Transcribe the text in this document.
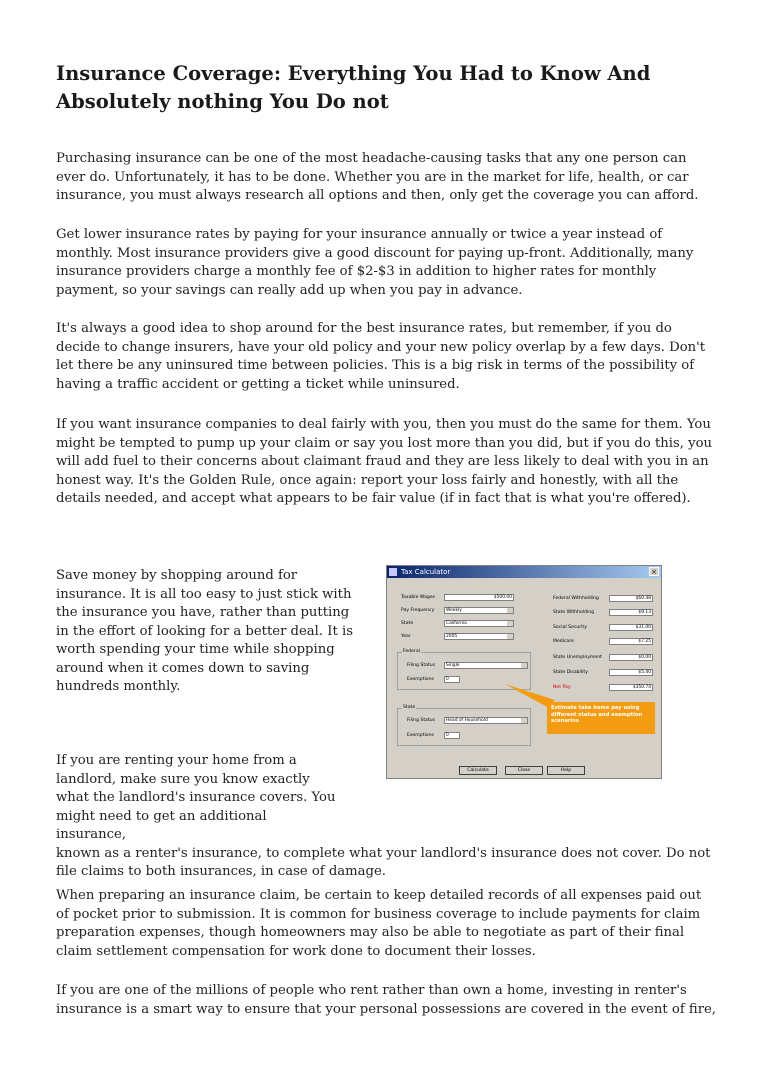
Insurance Coverage: Everything You Had to Know And
Absolutely nothing You Do not

Purchasing insurance can be one of the most headache-causing tasks that any one person can ever do. Unfortunately, it has to be done. Whether you are in the market for life, health, or car insurance, you must always research all options and then, only get the coverage you can afford.

Get lower insurance rates by paying for your insurance annually or twice a year instead of monthly. Most insurance providers give a good discount for paying up-front. Additionally, many insurance providers charge a monthly fee of $2-$3 in addition to higher rates for monthly payment, so your savings can really add up when you pay in advance.

It's always a good idea to shop around for the best insurance rates, but remember, if you do decide to change insurers, have your old policy and your new policy overlap by a few days. Don't let there be any uninsured time between policies. This is a big risk in terms of the possibility of having a traffic accident or getting a ticket while uninsured.

If you want insurance companies to deal fairly with you, then you must do the same for them. You might be tempted to pump up your claim or say you lost more than you did, but if you do this, you will add fuel to their concerns about claimant fraud and they are less likely to deal with you in an honest way. It's the Golden Rule, once again: report your loss fairly and honestly, with all the details needed, and accept what appears to be fair value (if in fact that is what you're offered).

Save money by shopping around for insurance. It is all too easy to just stick with the insurance you have, rather than putting in the effort of looking for a better deal. It is worth spending your time while shopping around when it comes down to saving hundreds monthly.

If you are renting your home from a landlord, make sure you know exactly what the landlord's insurance covers. You might need to get an additional insurance,
known as a renter's insurance, to complete what your landlord's insurance does not cover. Do not file claims to both insurances, in case of damage.

When preparing an insurance claim, be certain to keep detailed records of all expenses paid out of pocket prior to submission. It is common for business coverage to include payments for claim preparation expenses, though homeowners may also be able to negotiate as part of their final claim settlement compensation for work done to document their losses.

If you are one of the millions of people who rent rather than own a home, investing in renter's insurance is a smart way to ensure that your personal possessions are covered in the event of fire,

Tax Calculator	×
Taxable Wages	$500.00
Pay Frequency	Weekly
State	California
Year	2005
Federal
Filing Status	Single
Exemptions	0
State
Filing Status	Head of Household
Exemptions	0
Federal Withholding	$60.48
State Withholding	$9.13
Social Security	$31.00
Medicare	$7.25
State Unemployment	$0.00
State Disability	$5.40
Net Pay	$350.74
Estimate take home pay using different status and exemption scenarios
Calculate	Close	Help
